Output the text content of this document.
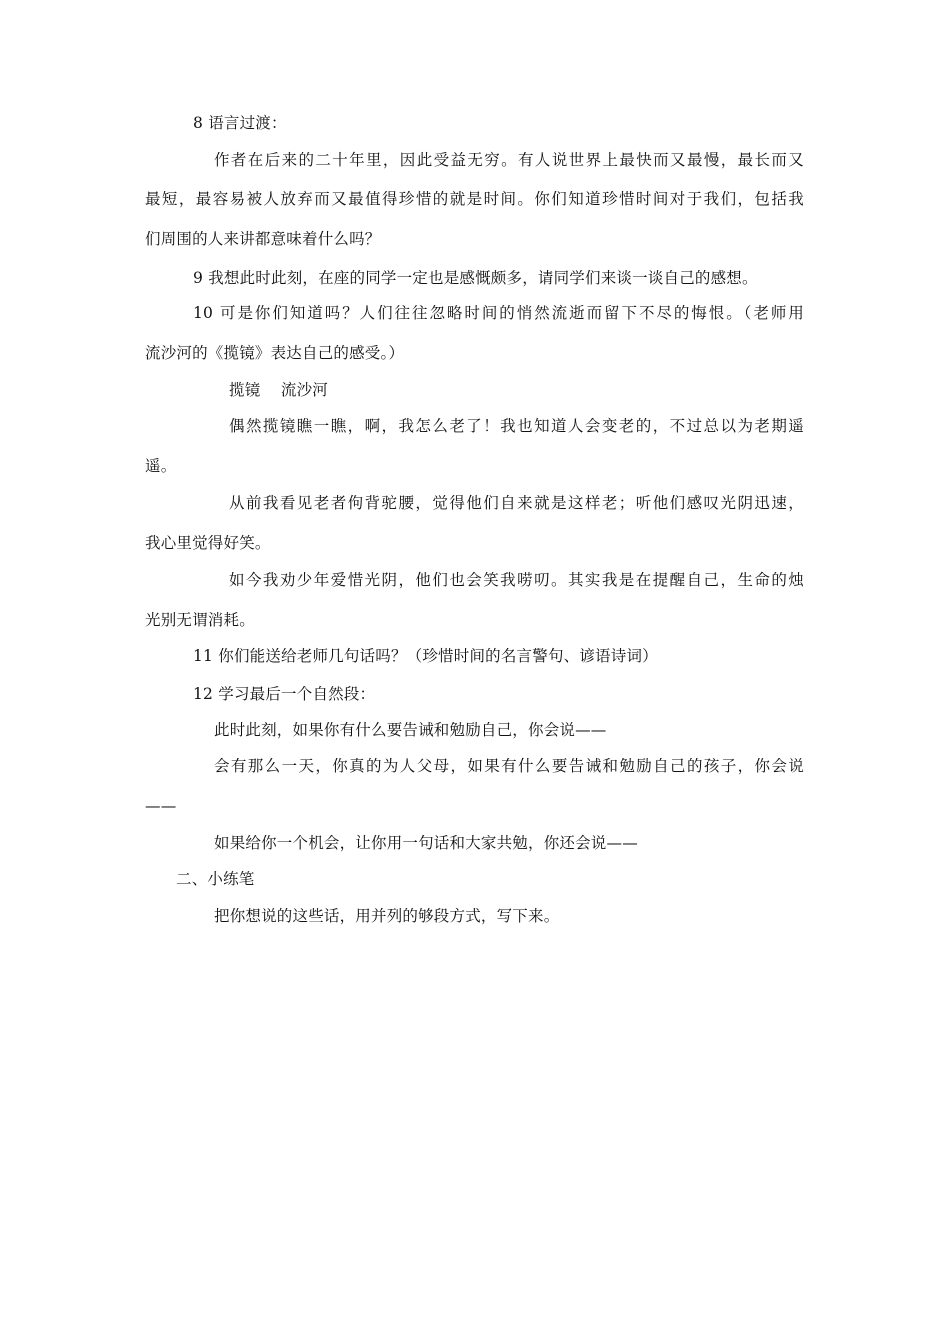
8 语言过渡：
作者在后来的二十年里，因此受益无穷。有人说世界上最快而又最慢，最长而又
最短，最容易被人放弃而又最值得珍惜的就是时间。你们知道珍惜时间对于我们，包括我
们周围的人来讲都意味着什么吗？
9 我想此时此刻，在座的同学一定也是感慨颇多，请同学们来谈一谈自己的感想。
10 可是你们知道吗？人们往往忽略时间的悄然流逝而留下不尽的悔恨。（老师用
流沙河的《揽镜》表达自己的感受。）
揽镜    流沙河
偶然揽镜瞧一瞧，啊，我怎么老了！我也知道人会变老的，不过总以为老期遥
遥。
从前我看见老者佝背驼腰，觉得他们自来就是这样老；听他们感叹光阴迅速，
我心里觉得好笑。
如今我劝少年爱惜光阴，他们也会笑我唠叨。其实我是在提醒自己，生命的烛
光别无谓消耗。
11 你们能送给老师几句话吗？（珍惜时间的名言警句、谚语诗词）
12 学习最后一个自然段：
此时此刻，如果你有什么要告诫和勉励自己，你会说——
会有那么一天，你真的为人父母，如果有什么要告诫和勉励自己的孩子，你会说
——
如果给你一个机会，让你用一句话和大家共勉，你还会说——
二、小练笔
把你想说的这些话，用并列的够段方式，写下来。
